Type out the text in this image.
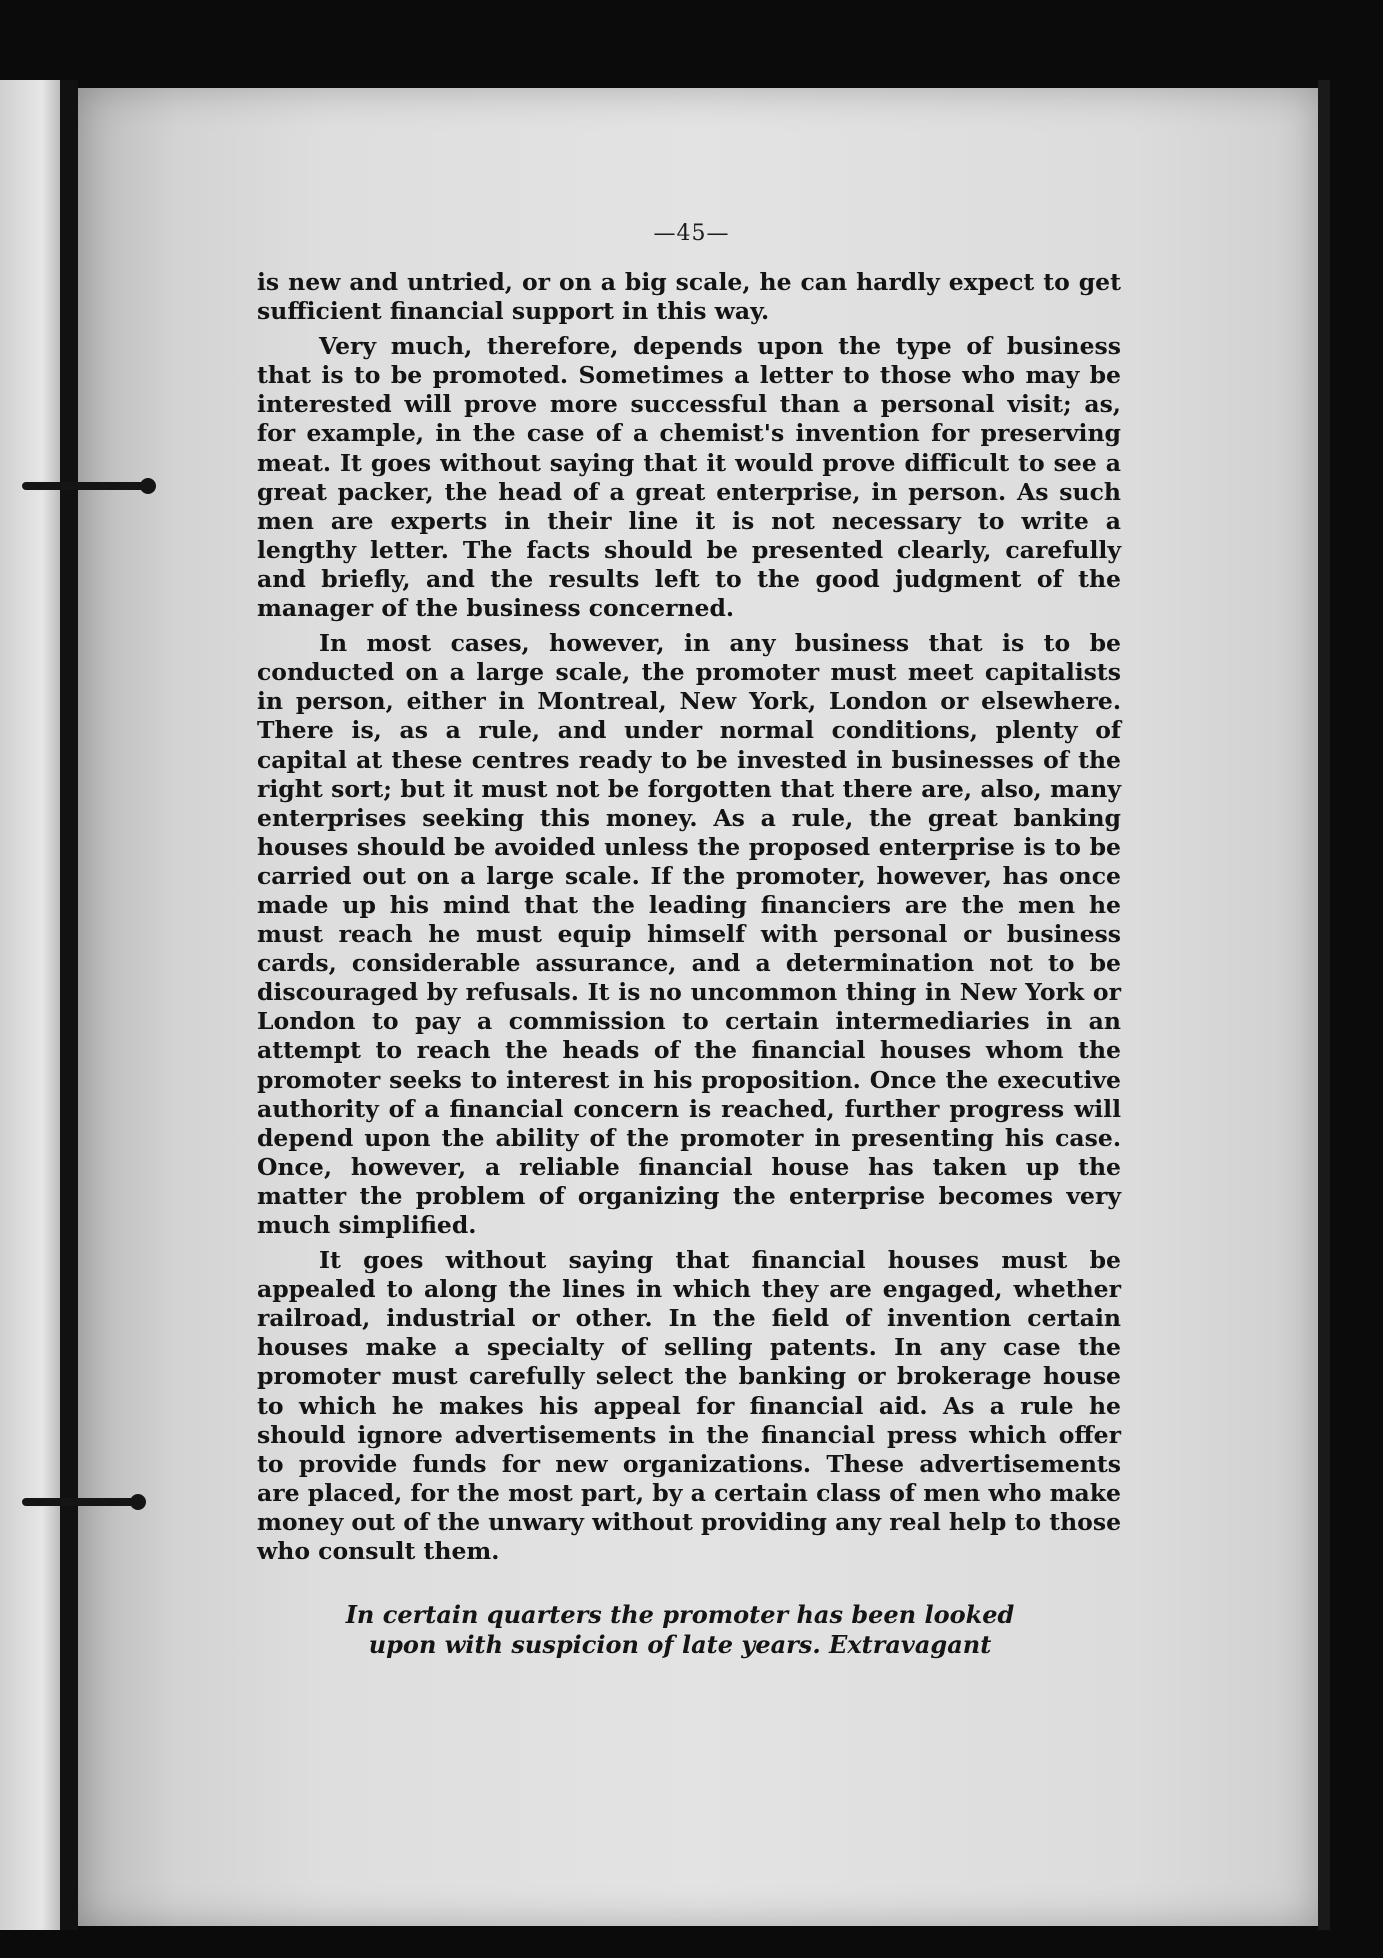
—45—

is new and untried, or on a big scale, he can hardly expect to get sufficient financial support in this way.

Very much, therefore, depends upon the type of business that is to be promoted. Sometimes a letter to those who may be interested will prove more successful than a personal visit; as, for example, in the case of a chemist's invention for preserving meat. It goes without saying that it would prove difficult to see a great packer, the head of a great enterprise, in person. As such men are experts in their line it is not necessary to write a lengthy letter. The facts should be presented clearly, carefully and briefly, and the results left to the good judgment of the manager of the business concerned.

In most cases, however, in any business that is to be conducted on a large scale, the promoter must meet capitalists in person, either in Montreal, New York, London or elsewhere. There is, as a rule, and under normal conditions, plenty of capital at these centres ready to be invested in businesses of the right sort; but it must not be forgotten that there are, also, many enterprises seeking this money. As a rule, the great banking houses should be avoided unless the proposed enterprise is to be carried out on a large scale. If the promoter, however, has once made up his mind that the leading financiers are the men he must reach he must equip himself with personal or business cards, considerable assurance, and a determination not to be discouraged by refusals. It is no uncommon thing in New York or London to pay a commission to certain intermediaries in an attempt to reach the heads of the financial houses whom the promoter seeks to interest in his proposition. Once the executive authority of a financial concern is reached, further progress will depend upon the ability of the promoter in presenting his case. Once, however, a reliable financial house has taken up the matter the problem of organizing the enterprise becomes very much simplified.

It goes without saying that financial houses must be appealed to along the lines in which they are engaged, whether railroad, industrial or other. In the field of invention certain houses make a specialty of selling patents. In any case the promoter must carefully select the banking or brokerage house to which he makes his appeal for financial aid. As a rule he should ignore advertisements in the financial press which offer to provide funds for new organizations. These advertisements are placed, for the most part, by a certain class of men who make money out of the unwary without providing any real help to those who consult them.

In certain quarters the promoter has been looked upon with suspicion of late years. Extravagant
